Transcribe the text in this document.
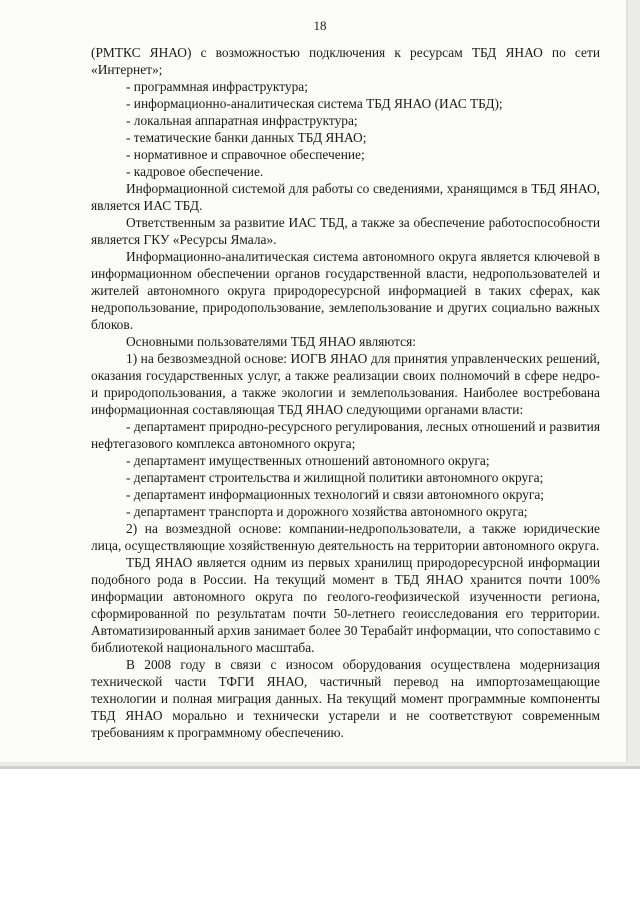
18

(РМТКС ЯНАО) с возможностью подключения к ресурсам ТБД ЯНАО по сети «Интернет»;

- программная инфраструктура;

- информационно-аналитическая система ТБД ЯНАО (ИАС ТБД);

- локальная аппаратная инфраструктура;

- тематические банки данных ТБД ЯНАО;

- нормативное и справочное обеспечение;

- кадровое обеспечение.

Информационной системой для работы со сведениями, хранящимся в ТБД ЯНАО, является ИАС ТБД.

Ответственным за развитие ИАС ТБД, а также за обеспечение работоспособности является ГКУ «Ресурсы Ямала».

Информационно-аналитическая система автономного округа является ключевой в информационном обеспечении органов государственной власти, недропользователей и жителей автономного округа природоресурсной информацией в таких сферах, как недропользование, природопользование, землепользование и других социально важных блоков.

Основными пользователями ТБД ЯНАО являются:

1) на безвозмездной основе: ИОГВ ЯНАО для принятия управленческих решений, оказания государственных услуг, а также реализации своих полномочий в сфере недро- и природопользования, а также экологии и землепользования. Наиболее востребована информационная составляющая ТБД ЯНАО следующими органами власти:

- департамент природно-ресурсного регулирования, лесных отношений и развития нефтегазового комплекса автономного округа;

- департамент имущественных отношений автономного округа;

- департамент строительства и жилищной политики автономного округа;

- департамент информационных технологий и связи автономного округа;

- департамент транспорта и дорожного хозяйства автономного округа;

2) на возмездной основе: компании-недропользователи, а также юридические лица, осуществляющие хозяйственную деятельность на территории автономного округа.

ТБД ЯНАО является одним из первых хранилищ природоресурсной информации подобного рода в России. На текущий момент в ТБД ЯНАО хранится почти 100% информации автономного округа по геолого-геофизической изученности региона, сформированной по результатам почти 50-летнего геоисследования его территории. Автоматизированный архив занимает более 30 Терабайт информации, что сопоставимо с библиотекой национального масштаба.

В 2008 году в связи с износом оборудования осуществлена модернизация технической части ТФГИ ЯНАО, частичный перевод на импортозамещающие технологии и полная миграция данных. На текущий момент программные компоненты ТБД ЯНАО морально и технически устарели и не соответствуют современным требованиям к программному обеспечению.
